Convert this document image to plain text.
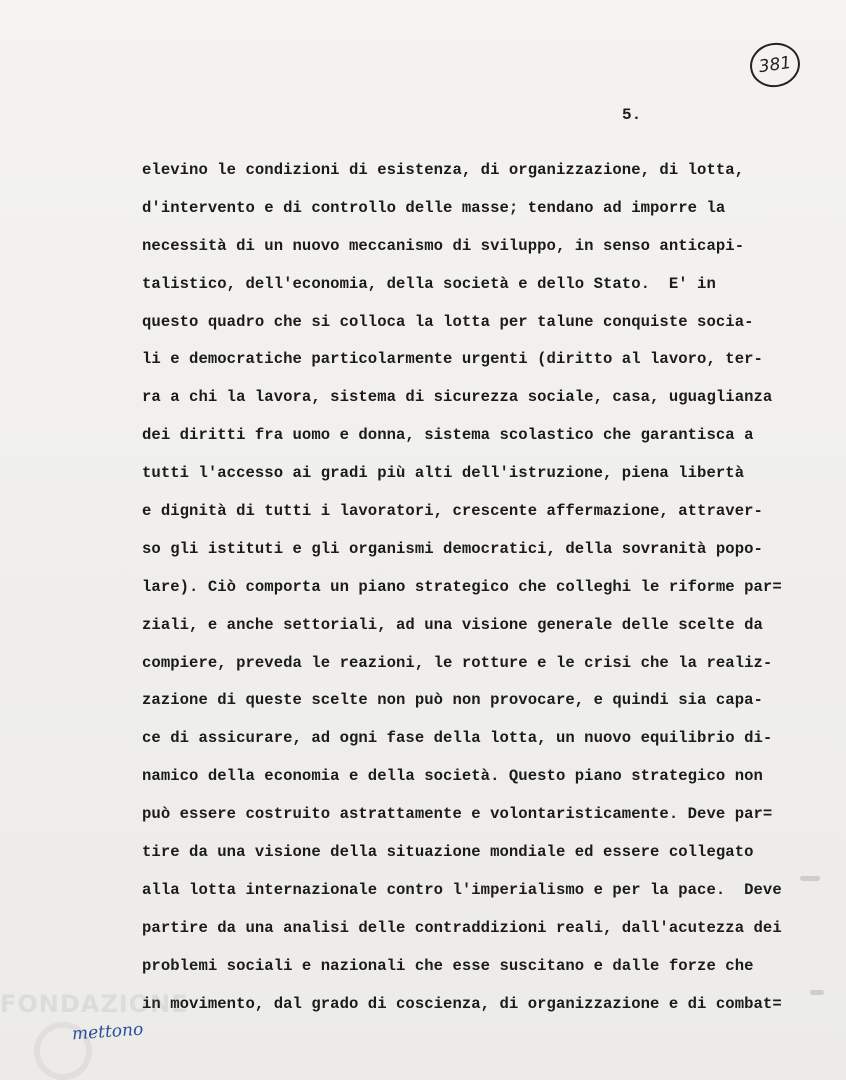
381
5.
elevino le condizioni di esistenza, di organizzazione, di lotta,
d'intervento e di controllo delle masse; tendano ad imporre la
necessità di un nuovo meccanismo di sviluppo, in senso anticapi-
talistico, dell'economia, della società e dello Stato.  E' in
questo quadro che si colloca la lotta per talune conquiste socia-
li e democratiche particolarmente urgenti (diritto al lavoro, ter-
ra a chi la lavora, sistema di sicurezza sociale, casa, uguaglianza
dei diritti fra uomo e donna, sistema scolastico che garantisca a
tutti l'accesso ai gradi più alti dell'istruzione, piena libertà
e dignità di tutti i lavoratori, crescente affermazione, attraver-
so gli istituti e gli organismi democratici, della sovranità popo-
lare). Ciò comporta un piano strategico che colleghi le riforme par=
ziali, e anche settoriali, ad una visione generale delle scelte da
compiere, preveda le reazioni, le rotture e le crisi che la realiz-
zazione di queste scelte non può non provocare, e quindi sia capa-
ce di assicurare, ad ogni fase della lotta, un nuovo equilibrio di-
namico della economia e della società. Questo piano strategico non
può essere costruito astrattamente e volontaristicamente. Deve par=
tire da una visione della situazione mondiale ed essere collegato
alla lotta internazionale contro l'imperialismo e per la pace.  Deve
partire da una analisi delle contraddizioni reali, dall'acutezza dei
problemi sociali e nazionali che esse suscitano e dalle forze che
in movimento, dal grado di coscienza, di organizzazione e di combat=
FONDAZIONE
mettono
